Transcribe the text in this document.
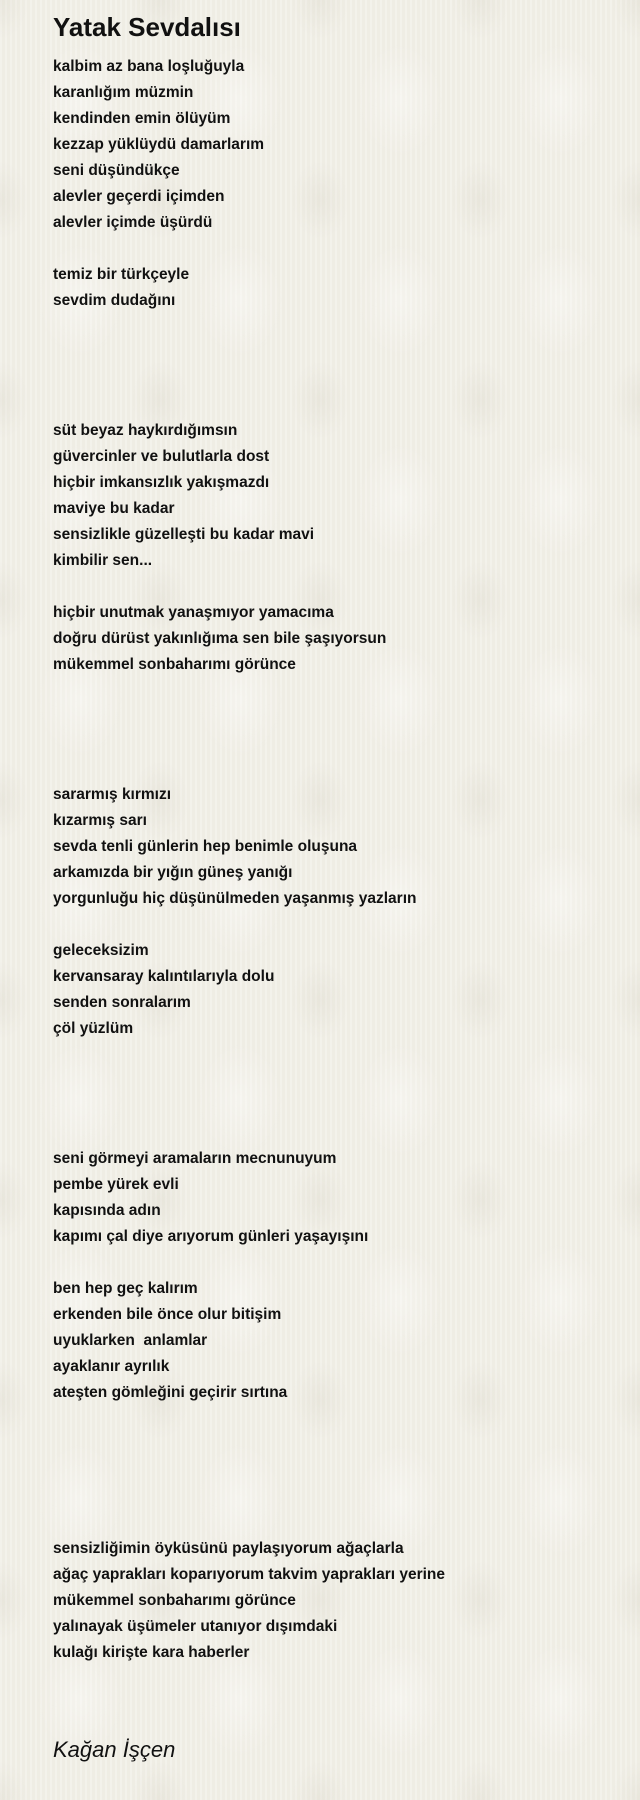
Yatak Sevdalısı
kalbim az bana loşluğuyla
karanlığım müzmin
kendinden emin ölüyüm
kezzap yüklüydü damarlarım
seni düşündükçe
alevler geçerdi içimden
alevler içimde üşürdü
temiz bir türkçeyle
sevdim dudağını
süt beyaz haykırdığımsın
güvercinler ve bulutlarla dost
hiçbir imkansızlık yakışmazdı
maviye bu kadar
sensizlikle güzelleşti bu kadar mavi
kimbilir sen...
hiçbir unutmak yanaşmıyor yamacıma
doğru dürüst yakınlığıma sen bile şaşıyorsun
mükemmel sonbaharımı görünce
sararmış kırmızı
kızarmış sarı
sevda tenli günlerin hep benimle oluşuna
arkamızda bir yığın güneş yanığı
yorgunluğu hiç düşünülmeden yaşanmış yazların
geleceksizim
kervansaray kalıntılarıyla dolu
senden sonralarım
çöl yüzlüm
seni görmeyi aramaların mecnunuyum
pembe yürek evli
kapısında adın
kapımı çal diye arıyorum günleri yaşayışını
ben hep geç kalırım
erkenden bile önce olur bitişim
uyuklarken  anlamlar
ayaklanır ayrılık
ateşten gömleğini geçirir sırtına
sensizliğimin öyküsünü paylaşıyorum ağaçlarla
ağaç yaprakları koparıyorum takvim yaprakları yerine
mükemmel sonbaharımı görünce
yalınayak üşümeler utanıyor dışımdaki
kulağı kirişte kara haberler

Kağan İşçen
